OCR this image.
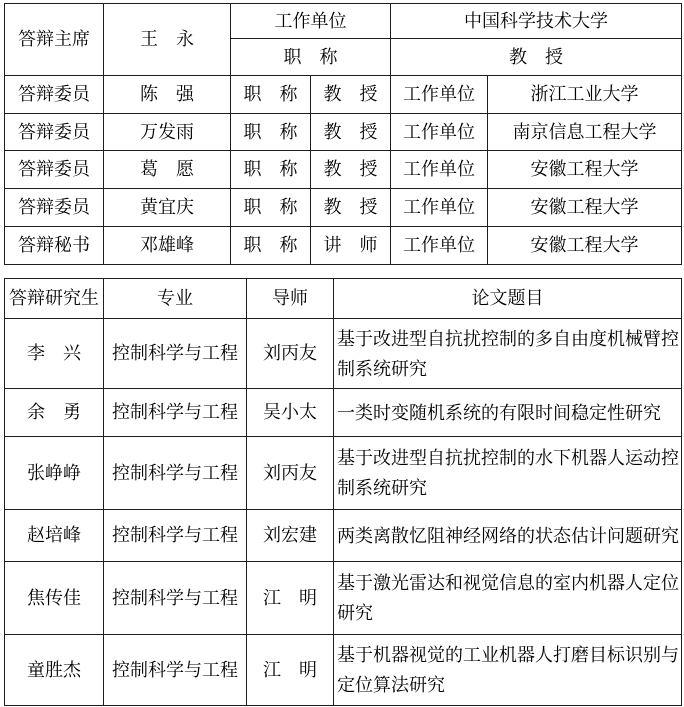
答辩主席	王　永	工作单位		中国科学技术大学	
		职　称		教　授	
答辩委员	陈　强	职　称	教　授	工作单位	浙江工业大学
答辩委员	万发雨	职　称	教　授	工作单位	南京信息工程大学
答辩委员	葛　愿	职　称	教　授	工作单位	安徽工程大学
答辩委员	黄宜庆	职　称	教　授	工作单位	安徽工程大学
答辩秘书	邓雄峰	职　称	讲　师	工作单位	安徽工程大学
答辩研究生	专业	导师	论文题目
李　兴	控制科学与工程	刘丙友	基于改进型自抗扰控制的多自由度机械臂控制系统研究
余　勇	控制科学与工程	吴小太	一类时变随机系统的有限时间稳定性研究
张峥峥	控制科学与工程	刘丙友	基于改进型自抗扰控制的水下机器人运动控制系统研究
赵培峰	控制科学与工程	刘宏建	两类离散忆阻神经网络的状态估计问题研究
焦传佳	控制科学与工程	江　明	基于激光雷达和视觉信息的室内机器人定位研究
童胜杰	控制科学与工程	江　明	基于机器视觉的工业机器人打磨目标识别与定位算法研究
